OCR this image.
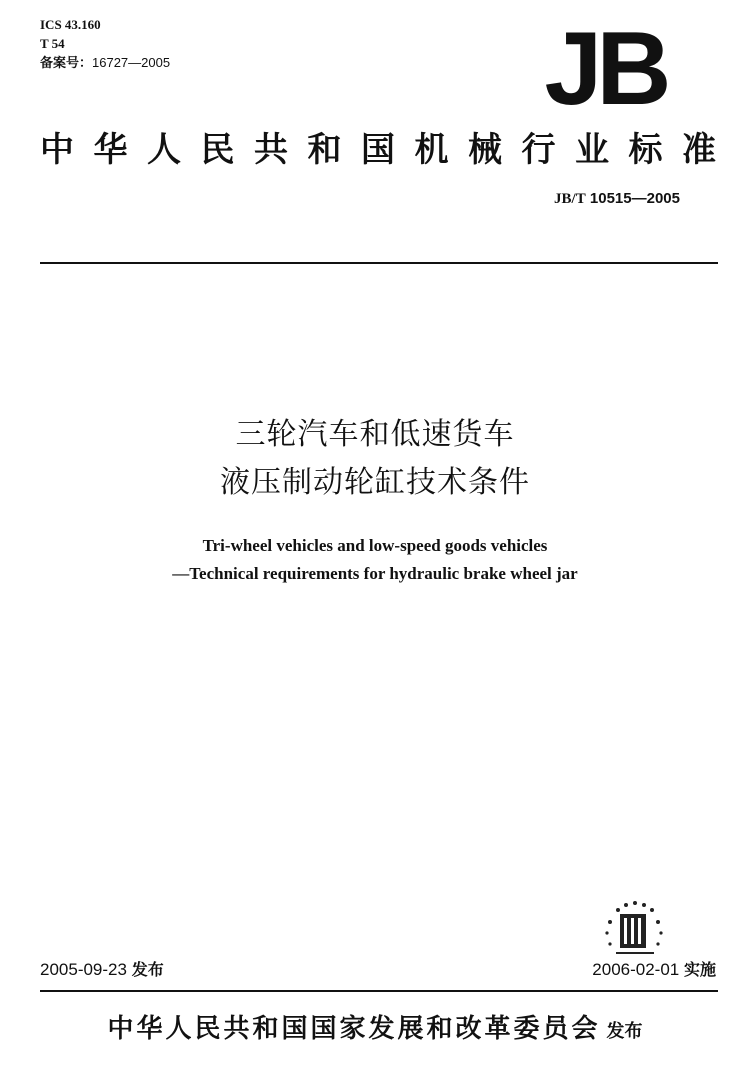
ICS 43.160
T 54
备案号：16727—2005	JB
中 华 人 民 共 和 国 机 械 行 业 标 准
JB/T 10515—2005
三轮汽车和低速货车
液压制动轮缸技术条件
Tri-wheel vehicles and low-speed goods vehicles
—Technical requirements for hydraulic brake wheel jar
2005-09-23 发布	2006-02-01 实施
中华人民共和国国家发展和改革委员会 发布
